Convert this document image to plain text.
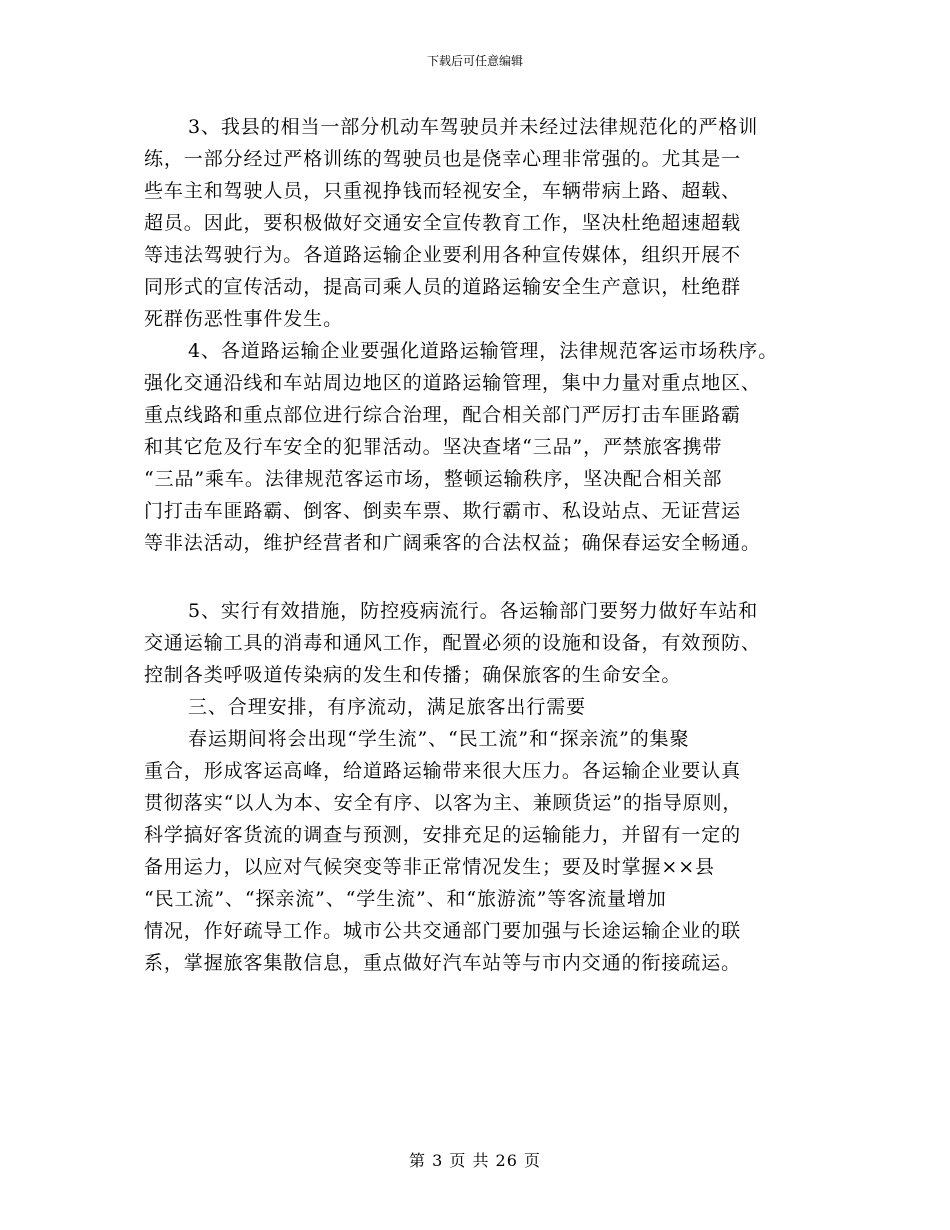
下载后可任意编辑
3、我县的相当一部分机动车驾驶员并未经过法律规范化的严格训
练，一部分经过严格训练的驾驶员也是侥幸心理非常强的。尤其是一
些车主和驾驶人员，只重视挣钱而轻视安全，车辆带病上路、超载、
超员。因此，要积极做好交通安全宣传教育工作，坚决杜绝超速超载
等违法驾驶行为。各道路运输企业要利用各种宣传媒体，组织开展不
同形式的宣传活动，提高司乘人员的道路运输安全生产意识，杜绝群
死群伤恶性事件发生。
4、各道路运输企业要强化道路运输管理，法律规范客运市场秩序。
强化交通沿线和车站周边地区的道路运输管理，集中力量对重点地区、
重点线路和重点部位进行综合治理，配合相关部门严厉打击车匪路霸
和其它危及行车安全的犯罪活动。坚决查堵“三品”，严禁旅客携带
“三品”乘车。法律规范客运市场，整顿运输秩序，坚决配合相关部
门打击车匪路霸、倒客、倒卖车票、欺行霸市、私设站点、无证营运
等非法活动，维护经营者和广阔乘客的合法权益；确保春运安全畅通。
5、实行有效措施，防控疫病流行。各运输部门要努力做好车站和
交通运输工具的消毒和通风工作，配置必须的设施和设备，有效预防、
控制各类呼吸道传染病的发生和传播；确保旅客的生命安全。
三、合理安排，有序流动，满足旅客出行需要
春运期间将会出现“学生流”、“民工流”和“探亲流”的集聚
重合，形成客运高峰，给道路运输带来很大压力。各运输企业要认真
贯彻落实“以人为本、安全有序、以客为主、兼顾货运”的指导原则，
科学搞好客货流的调查与预测，安排充足的运输能力，并留有一定的
备用运力，以应对气候突变等非正常情况发生；要及时掌握××县
“民工流”、“探亲流”、“学生流”、和“旅游流”等客流量增加
情况，作好疏导工作。城市公共交通部门要加强与长途运输企业的联
系，掌握旅客集散信息，重点做好汽车站等与市内交通的衔接疏运。
第 3 页 共 26 页
